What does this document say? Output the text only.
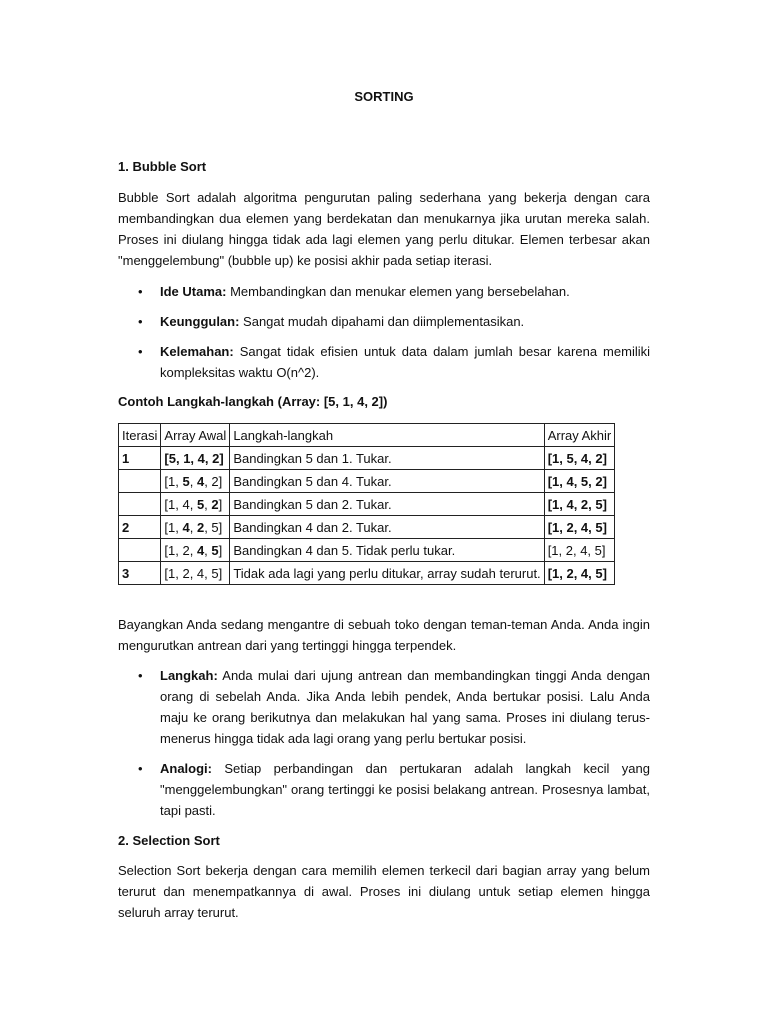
SORTING

1. Bubble Sort

Bubble Sort adalah algoritma pengurutan paling sederhana yang bekerja dengan cara membandingkan dua elemen yang berdekatan dan menukarnya jika urutan mereka salah. Proses ini diulang hingga tidak ada lagi elemen yang perlu ditukar. Elemen terbesar akan "menggelembung" (bubble up) ke posisi akhir pada setiap iterasi.

• Ide Utama: Membandingkan dan menukar elemen yang bersebelahan.
• Keunggulan: Sangat mudah dipahami dan diimplementasikan.
• Kelemahan: Sangat tidak efisien untuk data dalam jumlah besar karena memiliki kompleksitas waktu O(n^2).
Contoh Langkah-langkah (Array: [5, 1, 4, 2])
Iterasi	Array Awal	Langkah-langkah	Array Akhir
1	[5, 1, 4, 2]	Bandingkan 5 dan 1. Tukar.	[1, 5, 4, 2]
	[1, 5, 4, 2]	Bandingkan 5 dan 4. Tukar.	[1, 4, 5, 2]
	[1, 4, 5, 2]	Bandingkan 5 dan 2. Tukar.	[1, 4, 2, 5]
2	[1, 4, 2, 5]	Bandingkan 4 dan 2. Tukar.	[1, 2, 4, 5]
	[1, 2, 4, 5]	Bandingkan 4 dan 5. Tidak perlu tukar.	[1, 2, 4, 5]
3	[1, 2, 4, 5]	Tidak ada lagi yang perlu ditukar, array sudah terurut.	[1, 2, 4, 5]

Bayangkan Anda sedang mengantre di sebuah toko dengan teman-teman Anda. Anda ingin mengurutkan antrean dari yang tertinggi hingga terpendek.

• Langkah: Anda mulai dari ujung antrean dan membandingkan tinggi Anda dengan orang di sebelah Anda. Jika Anda lebih pendek, Anda bertukar posisi. Lalu Anda maju ke orang berikutnya dan melakukan hal yang sama. Proses ini diulang terus-menerus hingga tidak ada lagi orang yang perlu bertukar posisi.
• Analogi: Setiap perbandingan dan pertukaran adalah langkah kecil yang "menggelembungkan" orang tertinggi ke posisi belakang antrean. Prosesnya lambat, tapi pasti.
2. Selection Sort

Selection Sort bekerja dengan cara memilih elemen terkecil dari bagian array yang belum terurut dan menempatkannya di awal. Proses ini diulang untuk setiap elemen hingga seluruh array terurut.
